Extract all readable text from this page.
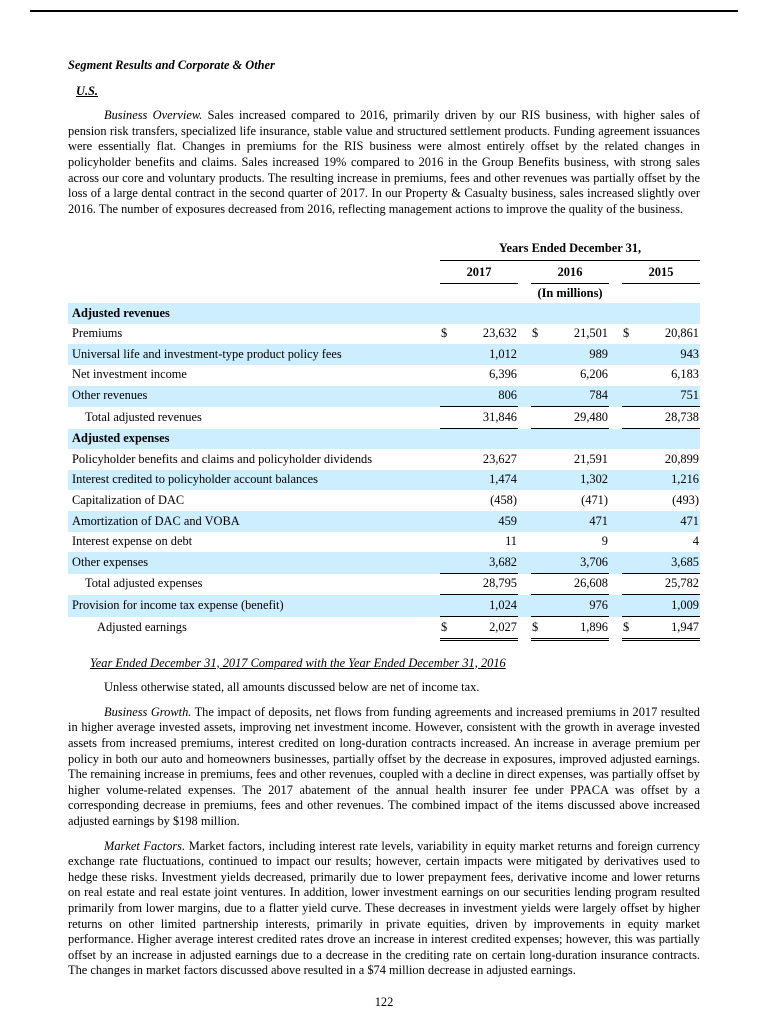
Segment Results and Corporate & Other
U.S.

Business Overview. Sales increased compared to 2016, primarily driven by our RIS business, with higher sales of pension risk transfers, specialized life insurance, stable value and structured settlement products. Funding agreement issuances were essentially flat. Changes in premiums for the RIS business were almost entirely offset by the related changes in policyholder benefits and claims. Sales increased 19% compared to 2016 in the Group Benefits business, with strong sales across our core and voluntary products. The resulting increase in premiums, fees and other revenues was partially offset by the loss of a large dental contract in the second quarter of 2017. In our Property & Casualty business, sales increased slightly over 2016. The number of exposures decreased from 2016, reflecting management actions to improve the quality of the business.

Years Ended December 31,
2017	2016	2015
(In millions)
Adjusted revenues
Premiums	$	23,632 $	21,501 $	20,861
Universal life and investment-type product policy fees	1,012	989	943
Net investment income	6,396	6,206	6,183
Other revenues	806	784	751
Total adjusted revenues	31,846	29,480	28,738
Adjusted expenses
Policyholder benefits and claims and policyholder dividends	23,627	21,591	20,899
Interest credited to policyholder account balances	1,474	1,302	1,216
Capitalization of DAC	(458)	(471)	(493)
Amortization of DAC and VOBA	459	471	471
Interest expense on debt	11	9	4
Other expenses	3,682	3,706	3,685
Total adjusted expenses	28,795	26,608	25,782
Provision for income tax expense (benefit)	1,024	976	1,009
Adjusted earnings	$	2,027 $	1,896 $	1,947
Year Ended December 31, 2017 Compared with the Year Ended December 31, 2016

Unless otherwise stated, all amounts discussed below are net of income tax.

Business Growth. The impact of deposits, net flows from funding agreements and increased premiums in 2017 resulted in higher average invested assets, improving net investment income. However, consistent with the growth in average invested assets from increased premiums, interest credited on long-duration contracts increased. An increase in average premium per policy in both our auto and homeowners businesses, partially offset by the decrease in exposures, improved adjusted earnings. The remaining increase in premiums, fees and other revenues, coupled with a decline in direct expenses, was partially offset by higher volume-related expenses. The 2017 abatement of the annual health insurer fee under PPACA was offset by a corresponding decrease in premiums, fees and other revenues. The combined impact of the items discussed above increased adjusted earnings by $198 million.

Market Factors. Market factors, including interest rate levels, variability in equity market returns and foreign currency exchange rate fluctuations, continued to impact our results; however, certain impacts were mitigated by derivatives used to hedge these risks. Investment yields decreased, primarily due to lower prepayment fees, derivative income and lower returns on real estate and real estate joint ventures. In addition, lower investment earnings on our securities lending program resulted primarily from lower margins, due to a flatter yield curve. These decreases in investment yields were largely offset by higher returns on other limited partnership interests, primarily in private equities, driven by improvements in equity market performance. Higher average interest credited rates drove an increase in interest credited expenses; however, this was partially offset by an increase in adjusted earnings due to a decrease in the crediting rate on certain long-duration insurance contracts. The changes in market factors discussed above resulted in a $74 million decrease in adjusted earnings.

122
